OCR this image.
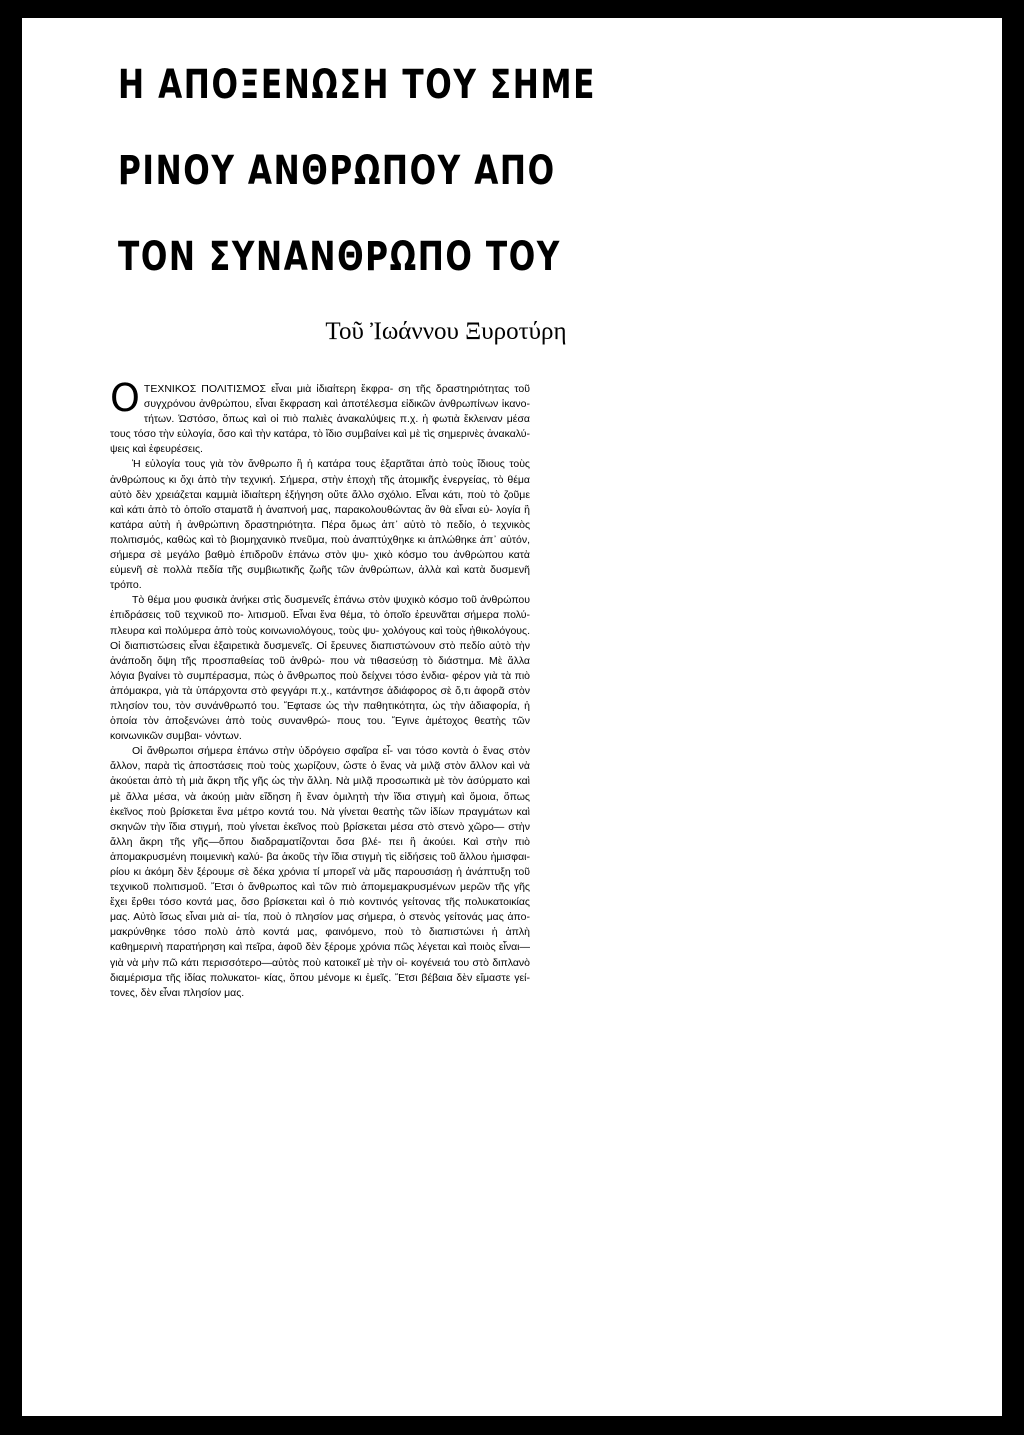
Η ΑΠΟΞΕΝΩΣΗ ΤΟΥ ΣΗΜΕ
ΡΙΝΟΥ ΑΝΘΡΩΠΟΥ ΑΠΟ
ΤΟΝ ΣΥΝΑΝΘΡΩΠΟ ΤΟΥ

Τοῦ Ἰωάννου Ξυροτύρη

ΟΤΕΧΝΙΚΟΣ ΠΟΛΙΤΙΣΜΟΣ εἶναι μιὰ ἰδιαίτερη ἔκφρα- ση τῆς δραστηριότητας τοῦ συγχρόνου ἀνθρώπου, εἶναι ἔκφραση καὶ ἀποτέλεσμα εἰδικῶν ἀνθρωπίνων ἱκανο- τήτων. Ὡστόσο, ὅπως καὶ οἱ πιὸ παλιὲς ἀνακαλύψεις π.χ. ἡ φωτιὰ ἔκλειναν μέσα τους τόσο τὴν εὐλογία, ὅσο καὶ τὴν κατάρα, τὸ ἴδιο συμβαίνει καὶ μὲ τὶς σημερινὲς ἀνακαλύ- ψεις καὶ ἐφευρέσεις.

Ἡ εὐλογία τους γιὰ τὸν ἄνθρωπο ἢ ἡ κατάρα τους ἐξαρτᾶται ἀπὸ τοὺς ἴδιους τοὺς ἀνθρώπους κι ὄχι ἀπὸ τὴν τεχνική. Σήμερα, στὴν ἐποχὴ τῆς ἀτομικῆς ἐνεργείας, τὸ θέμα αὐτὸ δὲν χρειάζεται καμμιὰ ἰδιαίτερη ἐξήγηση οὔτε ἄλλο σχόλιο. Εἶναι κάτι, ποὺ τὸ ζοῦμε καὶ κάτι ἀπὸ τὸ ὁποῖο σταματᾶ ἡ ἀναπνοή μας, παρακολουθώντας ἂν θὰ εἶναι εὐ- λογία ἢ κατάρα αὐτὴ ἡ ἀνθρώπινη δραστηριότητα. Πέρα ὅμως ἀπ᾽ αὐτὸ τὸ πεδίο, ὁ τεχνικὸς πολιτισμός, καθὼς καὶ τὸ βιομηχανικὸ πνεῦμα, ποὺ ἀναπτύχθηκε κι ἁπλώθηκε ἀπ᾽ αὐτόν, σήμερα σὲ μεγάλο βαθμὸ ἐπιδροῦν ἐπάνω στὸν ψυ- χικὸ κόσμο του ἀνθρώπου κατὰ εὐμενῆ σὲ πολλὰ πεδία τῆς συμβιωτικῆς ζωῆς τῶν ἀνθρώπων, ἀλλὰ καὶ κατὰ δυσμενῆ τρόπο.

Τὸ θέμα μου φυσικὰ ἀνήκει στὶς δυσμενεῖς ἐπάνω στὸν ψυχικὸ κόσμο τοῦ ἀνθρώπου ἐπιδράσεις τοῦ τεχνικοῦ πο- λιτισμοῦ. Εἶναι ἕνα θέμα, τὸ ὁποῖο ἐρευνᾶται σήμερα πολύ- πλευρα καὶ πολύμερα ἀπὸ τοὺς κοινωνιολόγους, τοὺς ψυ- χολόγους καὶ τοὺς ἠθικολόγους. Οἱ διαπιστώσεις εἶναι ἐξαιρετικὰ δυσμενεῖς. Οἱ ἔρευνες διαπιστώνουν στὸ πεδίο αὐτὸ τὴν ἀνάποδη ὄψη τῆς προσπαθείας τοῦ ἀνθρώ- που νὰ τιθασεύσῃ τὸ διάστημα. Μὲ ἄλλα λόγια βγαίνει τὸ συμπέρασμα, πὼς ὁ ἄνθρωπος ποὺ δείχνει τόσο ἐνδια- φέρον γιὰ τὰ πιὸ ἀπόμακρα, γιὰ τὰ ὑπάρχοντα στὸ φεγγάρι π.χ., κατάντησε ἀδιάφορος σὲ ὅ,τι ἀφορᾶ στὸν πλησίον του, τὸν συνάνθρωπό του. Ἔφτασε ὡς τὴν παθητικότητα, ὡς τὴν ἀδιαφορία, ἡ ὁποία τὸν ἀποξενώνει ἀπὸ τοὺς συνανθρώ- πους του. Ἔγινε ἁμέτοχος θεατὴς τῶν κοινωνικῶν συμβαι- νόντων.

Οἱ ἄνθρωποι σήμερα ἐπάνω στὴν ὑδρόγειο σφαῖρα εἶ- ναι τόσο κοντὰ ὁ ἕνας στὸν ἄλλον, παρὰ τὶς ἀποστάσεις ποὺ τοὺς χωρίζουν, ὥστε ὁ ἕνας νὰ μιλᾷ στὸν ἄλλον καὶ νὰ ἀκούεται ἀπὸ τὴ μιὰ ἄκρη τῆς γῆς ὡς τὴν ἄλλη. Νὰ μιλᾷ προσωπικὰ μὲ τὸν ἀσύρματο καὶ μὲ ἄλλα μέσα, νὰ ἀκούῃ μιὰν εἴδηση ἢ ἕναν ὁμιλητὴ τὴν ἴδια στιγμὴ καὶ ὅμοια, ὅπως ἐκεῖνος ποὺ βρίσκεται ἕνα μέτρο κοντά του. Νὰ γίνεται θεατὴς τῶν ἰδίων πραγμάτων καὶ σκηνῶν τὴν ἴδια στιγμή, ποὺ γίνεται ἐκεῖνος ποὺ βρίσκεται μέσα στὸ στενὸ χῶρο— στὴν ἄλλη ἄκρη τῆς γῆς—ὅπου διαδραματίζονται ὅσα βλέ- πει ἢ ἀκούει. Καὶ στὴν πιὸ ἀπομακρυσμένη ποιμενικὴ καλύ- βα ἀκοῦς τὴν ἴδια στιγμὴ τὶς εἰδήσεις τοῦ ἄλλου ἡμισφαι- ρίου κι ἀκόμη δὲν ξέρουμε σὲ δέκα χρόνια τί μπορεῖ νὰ μᾶς παρουσιάσῃ ἡ ἀνάπτυξη τοῦ τεχνικοῦ πολιτισμοῦ. Ἔτσι ὁ ἄνθρωπος καὶ τῶν πιὸ ἀπομεμακρυσμένων μερῶν τῆς γῆς ἔχει ἔρθει τόσο κοντά μας, ὅσο βρίσκεται καὶ ὁ πιὸ κοντινός γείτονας τῆς πολυκατοικίας μας. Αὐτὸ ἴσως εἶναι μιὰ αἰ- τία, ποὺ ὁ πλησίον μας σήμερα, ὁ στενὸς γείτονάς μας ἀπο- μακρύνθηκε τόσο πολὺ ἀπὸ κοντά μας, φαινόμενο, ποὺ τὸ διαπιστώνει ἡ ἁπλὴ καθημερινὴ παρατήρηση καὶ πεῖρα, ἀφοῦ δὲν ξέρομε χρόνια πῶς λέγεται καὶ ποιὸς εἶναι—γιὰ νὰ μὴν πῶ κάτι περισσότερο—αὐτὸς ποὺ κατοικεῖ μὲ τὴν οἰ- κογένειά του στὸ διπλανὸ διαμέρισμα τῆς ἰδίας πολυκατοι- κίας, ὅπου μένομε κι ἐμεῖς. Ἔτσι βέβαια δὲν εἴμαστε γεί- τονες, δὲν εἶναι πλησίον μας.
